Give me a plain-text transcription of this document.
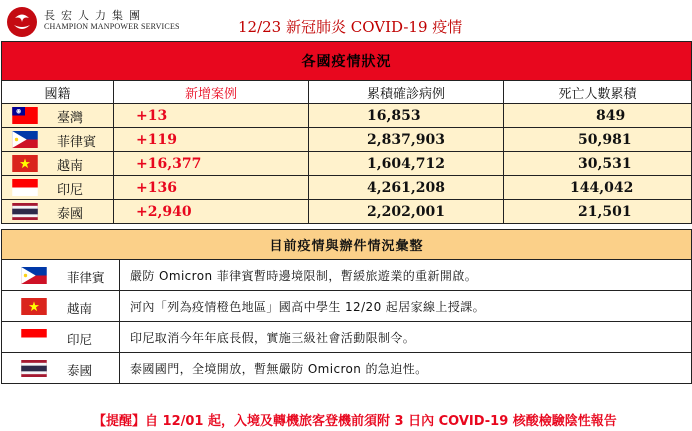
長宏人力集團
CHAMPION MANPOWER SERVICES	12/23 新冠肺炎 COVID-19 疫情
各國疫情狀況			
國籍	新增案例	累積確診病例	死亡人數累積

臺灣	+13	16,853	849

菲律賓	+119	2,837,903	50,981

越南	+16,377	1,604,712	30,531

印尼	+136	4,261,208	144,042

泰國	+2,940	2,202,001	21,501
目前疫情與辦件情況彙整	

菲律賓	嚴防 Omicron 菲律賓暫時邊境限制，暫緩旅遊業的重新開啟。

越南	河內「列為疫情橙色地區」國高中學生 12/20 起居家線上授課。

印尼	印尼取消今年年底長假，實施三級社會活動限制令。

泰國	泰國國門，全境開放，暫無嚴防 Omicron 的急迫性。
【提醒】自 12/01 起，入境及轉機旅客登機前須附 3 日內 COVID-19 核酸檢驗陰性報告
